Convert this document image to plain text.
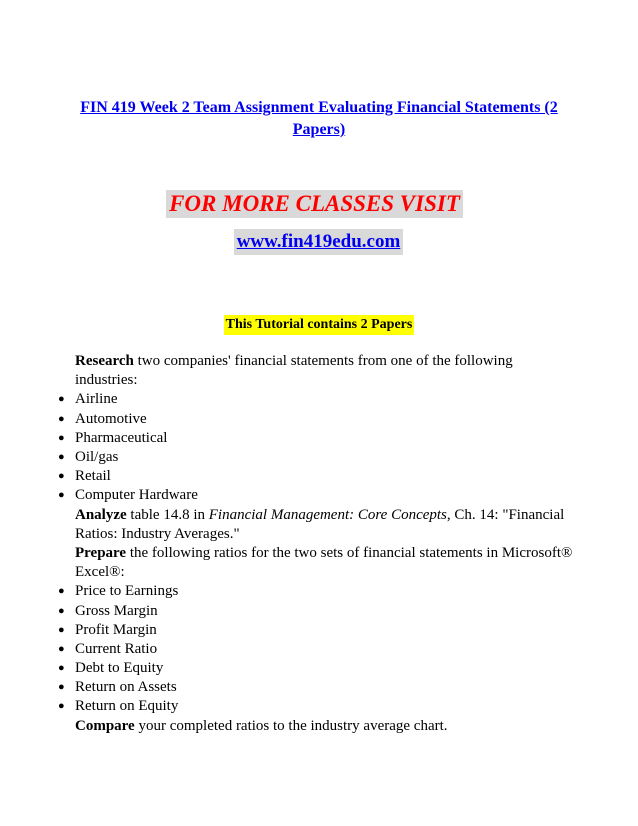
FIN 419 Week 2 Team Assignment Evaluating Financial Statements (2 Papers)
FOR MORE CLASSES VISIT
www.fin419edu.com
This Tutorial contains 2 Papers
Research two companies' financial statements from one of the following industries:
● Airline
● Automotive
● Pharmaceutical
● Oil/gas
● Retail
● Computer Hardware
Analyze table 14.8 in Financial Management: Core Concepts, Ch. 14: "Financial Ratios: Industry Averages."
Prepare the following ratios for the two sets of financial statements in Microsoft® Excel®:
● Price to Earnings
● Gross Margin
● Profit Margin
● Current Ratio
● Debt to Equity
● Return on Assets
● Return on Equity
Compare your completed ratios to the industry average chart.
